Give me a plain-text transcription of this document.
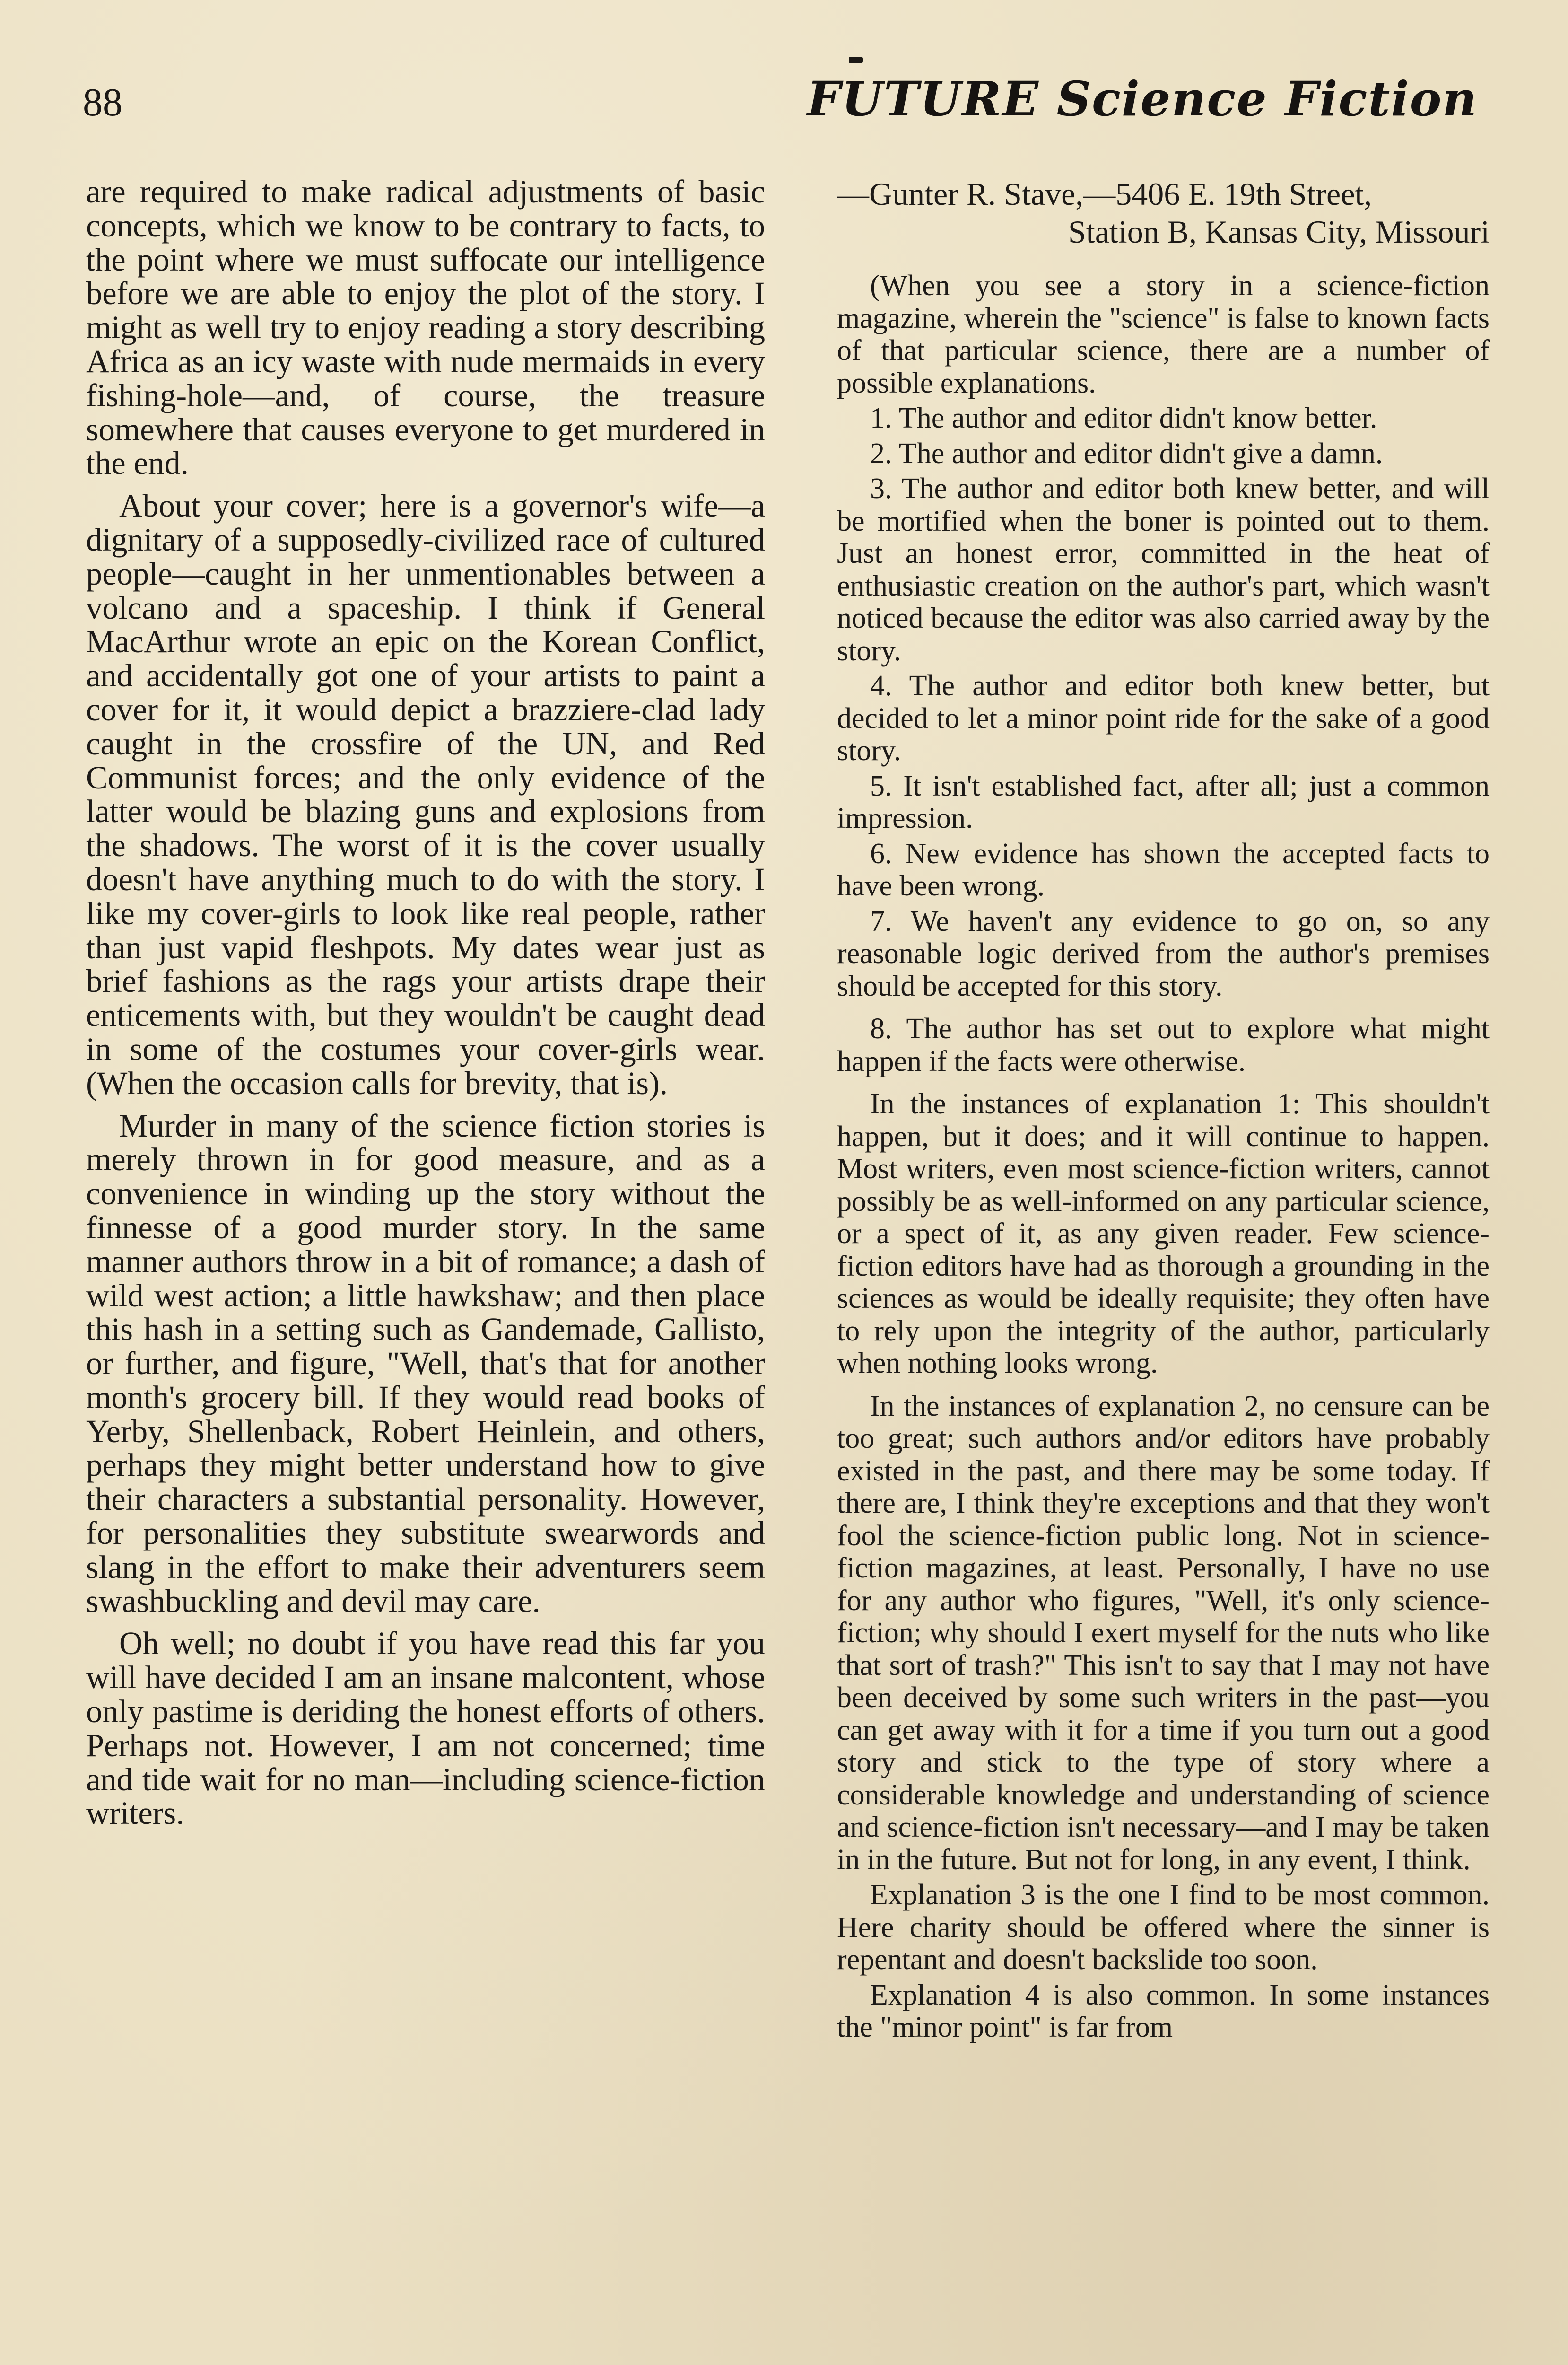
88	FUTURE Science Fiction

are required to make radical adjustments of basic concepts, which we know to be contrary to facts, to the point where we must suffocate our intelligence before we are able to enjoy the plot of the story. I might as well try to enjoy reading a story describing Africa as an icy waste with nude mermaids in every fishing-hole—and, of course, the treasure somewhere that causes everyone to get murdered in the end.

About your cover; here is a governor's wife—a dignitary of a supposedly-civilized race of cultured people—caught in her unmentionables between a volcano and a spaceship. I think if General MacArthur wrote an epic on the Korean Conflict, and accidentally got one of your artists to paint a cover for it, it would depict a brazziere-clad lady caught in the crossfire of the UN, and Red Communist forces; and the only evidence of the latter would be blazing guns and explosions from the shadows. The worst of it is the cover usually doesn't have anything much to do with the story. I like my cover-girls to look like real people, rather than just vapid fleshpots. My dates wear just as brief fashions as the rags your artists drape their enticements with, but they wouldn't be caught dead in some of the costumes your cover-girls wear. (When the occasion calls for brevity, that is).

Murder in many of the science fiction stories is merely thrown in for good measure, and as a convenience in winding up the story without the finnesse of a good murder story. In the same manner authors throw in a bit of romance; a dash of wild west action; a little hawkshaw; and then place this hash in a setting such as Gandemade, Gallisto, or further, and figure, "Well, that's that for another month's grocery bill. If they would read books of Yerby, Shellenback, Robert Heinlein, and others, perhaps they might better understand how to give their characters a substantial personality. However, for personalities they substitute swearwords and slang in the effort to make their adventurers seem swashbuckling and devil may care.

Oh well; no doubt if you have read this far you will have decided I am an insane malcontent, whose only pastime is deriding the honest efforts of others. Perhaps not. However, I am not concerned; time and tide wait for no man—including science-fiction writers.

—Gunter R. Stave,—5406 E. 19th Street,
Station B, Kansas City, Missouri

(When you see a story in a science-fiction magazine, wherein the "science" is false to known facts of that particular science, there are a number of possible explanations.

1. The author and editor didn't know better.

2. The author and editor didn't give a damn.

3. The author and editor both knew better, and will be mortified when the boner is pointed out to them. Just an honest error, committed in the heat of enthusiastic creation on the author's part, which wasn't noticed because the editor was also carried away by the story.

4. The author and editor both knew better, but decided to let a minor point ride for the sake of a good story.

5. It isn't established fact, after all; just a common impression.

6. New evidence has shown the accepted facts to have been wrong.

7. We haven't any evidence to go on, so any reasonable logic derived from the author's premises should be accepted for this story.

8. The author has set out to explore what might happen if the facts were otherwise.

In the instances of explanation 1: This shouldn't happen, but it does; and it will continue to happen. Most writers, even most science-fiction writers, cannot possibly be as well-informed on any particular science, or a spect of it, as any given reader. Few science-fiction editors have had as thorough a grounding in the sciences as would be ideally requisite; they often have to rely upon the integrity of the author, particularly when nothing looks wrong.

In the instances of explanation 2, no censure can be too great; such authors and/or editors have probably existed in the past, and there may be some today. If there are, I think they're exceptions and that they won't fool the science-fiction public long. Not in science-fiction magazines, at least. Personally, I have no use for any author who figures, "Well, it's only science-fiction; why should I exert myself for the nuts who like that sort of trash?" This isn't to say that I may not have been deceived by some such writers in the past—you can get away with it for a time if you turn out a good story and stick to the type of story where a considerable knowledge and understanding of science and science-fiction isn't necessary—and I may be taken in in the future. But not for long, in any event, I think.

Explanation 3 is the one I find to be most common. Here charity should be offered where the sinner is repentant and doesn't backslide too soon.

Explanation 4 is also common. In some instances the "minor point" is far from
